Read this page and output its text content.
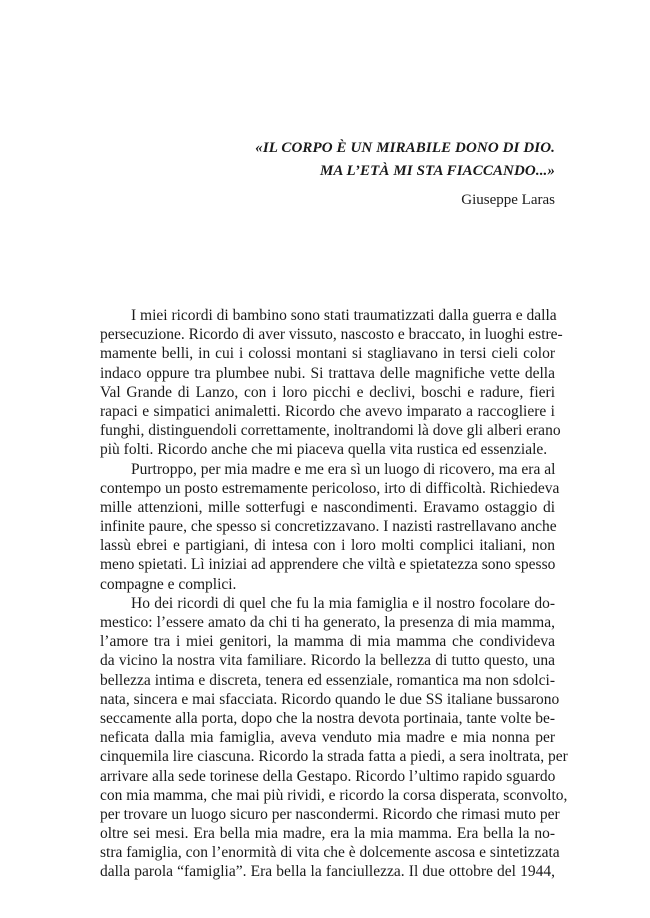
«IL CORPO È UN MIRABILE DONO DI DIO.
MA L’ETÀ MI STA FIACCANDO...»
Giuseppe Laras
I miei ricordi di bambino sono stati traumatizzati dalla guerra e dalla
persecuzione. Ricordo di aver vissuto, nascosto e braccato, in luoghi estre-
mamente belli, in cui i colossi montani si stagliavano in tersi cieli color
indaco oppure tra plumbee nubi. Si trattava delle magnifiche vette della
Val Grande di Lanzo, con i loro picchi e declivi, boschi e radure, fieri
rapaci e simpatici animaletti. Ricordo che avevo imparato a raccogliere i
funghi, distinguendoli correttamente, inoltrandomi là dove gli alberi erano
più folti. Ricordo anche che mi piaceva quella vita rustica ed essenziale.
Purtroppo, per mia madre e me era sì un luogo di ricovero, ma era al
contempo un posto estremamente pericoloso, irto di difficoltà. Richiedeva
mille attenzioni, mille sotterfugi e nascondimenti. Eravamo ostaggio di
infinite paure, che spesso si concretizzavano. I nazisti rastrellavano anche
lassù ebrei e partigiani, di intesa con i loro molti complici italiani, non
meno spietati. Lì iniziai ad apprendere che viltà e spietatezza sono spesso
compagne e complici.
Ho dei ricordi di quel che fu la mia famiglia e il nostro focolare do-
mestico: l’essere amato da chi ti ha generato, la presenza di mia mamma,
l’amore tra i miei genitori, la mamma di mia mamma che condivideva
da vicino la nostra vita familiare. Ricordo la bellezza di tutto questo, una
bellezza intima e discreta, tenera ed essenziale, romantica ma non sdolci-
nata, sincera e mai sfacciata. Ricordo quando le due SS italiane bussarono
seccamente alla porta, dopo che la nostra devota portinaia, tante volte be-
neficata dalla mia famiglia, aveva venduto mia madre e mia nonna per
cinquemila lire ciascuna. Ricordo la strada fatta a piedi, a sera inoltrata, per
arrivare alla sede torinese della Gestapo. Ricordo l’ultimo rapido sguardo
con mia mamma, che mai più rividi, e ricordo la corsa disperata, sconvolto,
per trovare un luogo sicuro per nascondermi. Ricordo che rimasi muto per
oltre sei mesi. Era bella mia madre, era la mia mamma. Era bella la no-
stra famiglia, con l’enormità di vita che è dolcemente ascosa e sintetizzata
dalla parola “famiglia”. Era bella la fanciullezza. Il due ottobre del 1944,
